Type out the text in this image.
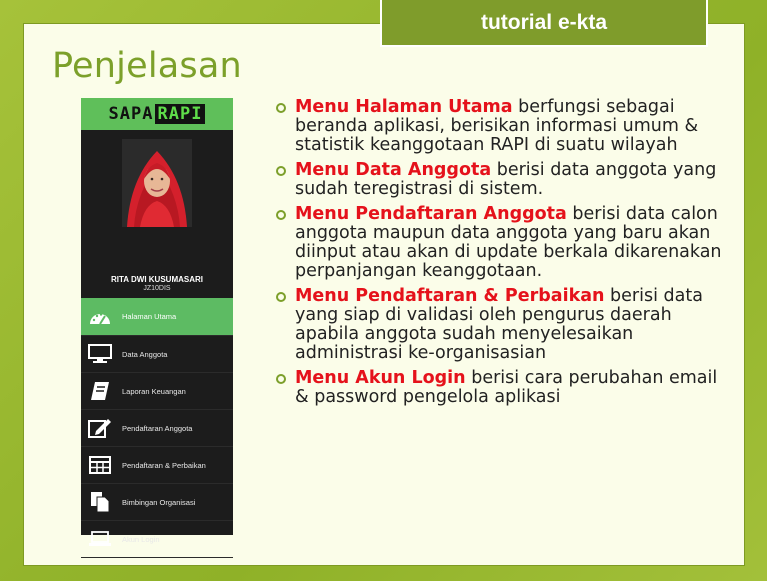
tutorial e-kta
Penjelasan
SAPA RAPI
RITA DWI KUSUMASARI
JZ10DIS
Halaman Utama
Data Anggota
Laporan Keuangan
Pendaftaran Anggota
Pendaftaran & Perbaikan
Bimbingan Organisasi
Akun Login
Menu Halaman Utama berfungsi sebagai beranda aplikasi, berisikan informasi umum & statistik keanggotaan RAPI di suatu wilayah
Menu Data Anggota berisi data anggota yang sudah teregistrasi di sistem.
Menu Pendaftaran Anggota berisi data calon anggota maupun data anggota yang baru akan diinput atau akan di update berkala dikarenakan perpanjangan keanggotaan.
Menu Pendaftaran & Perbaikan berisi data yang siap di validasi oleh pengurus daerah apabila anggota sudah menyelesaikan administrasi ke-organisasian
Menu Akun Login berisi cara perubahan email & password pengelola aplikasi
